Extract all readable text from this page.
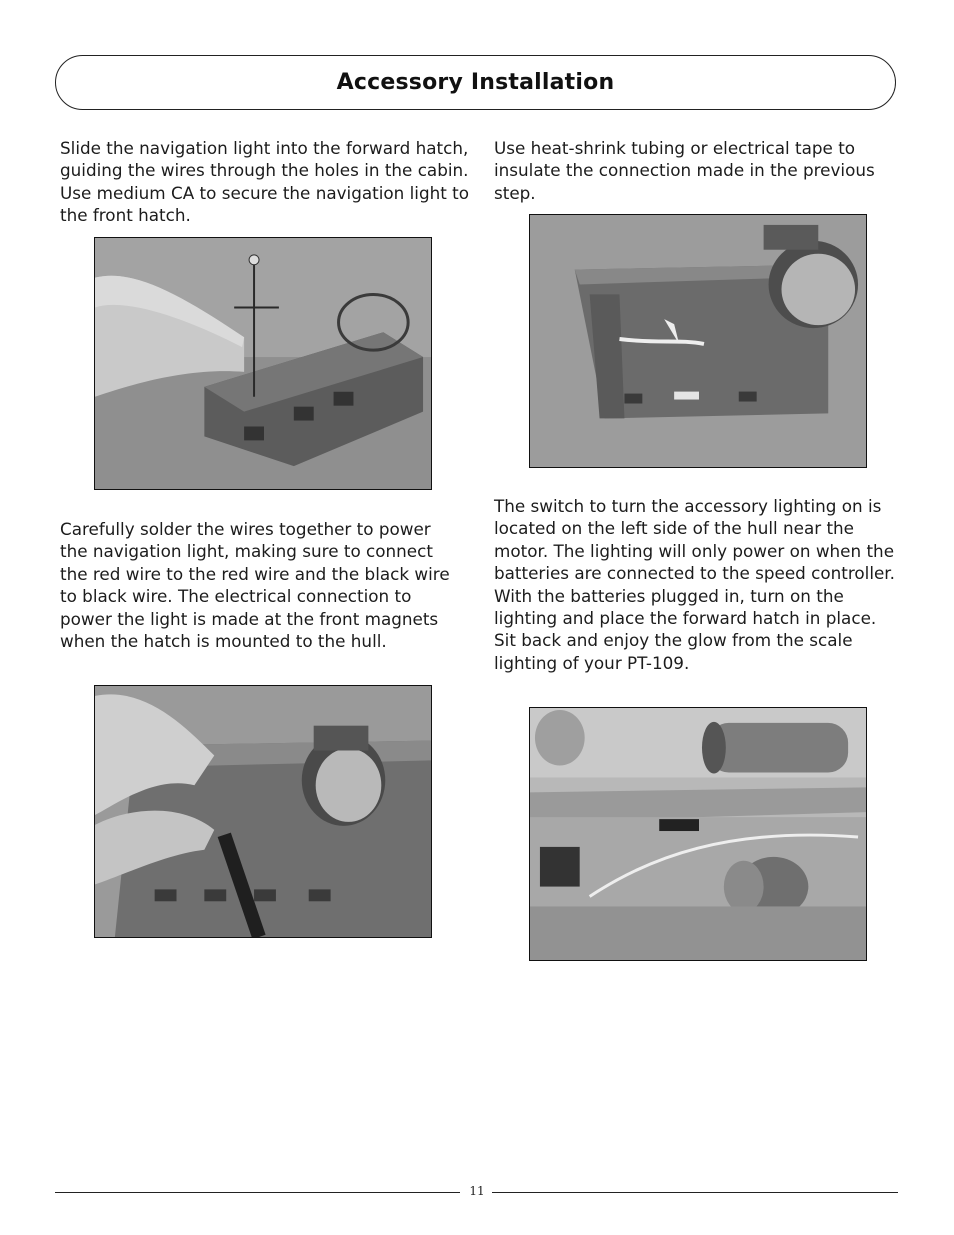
Accessory Installation

Slide the navigation light into the forward hatch, guiding the wires through the holes in the cabin. Use medium CA to secure the navigation light to the front hatch.

Carefully solder the wires together to power the navigation light, making sure to connect the red wire to the red wire and the black wire to black wire. The electrical connection to power the light is made at the front magnets when the hatch is mounted to the hull.

Use heat-shrink tubing or electrical tape to insulate the connection made in the previous step.

The switch to turn the accessory lighting on is located on the left side of the hull near the motor. The lighting will only power on when the batteries are connected to the speed controller. With the batteries plugged in, turn on the lighting and place the forward hatch in place. Sit back and enjoy the glow from the scale lighting of your PT-109.

11
